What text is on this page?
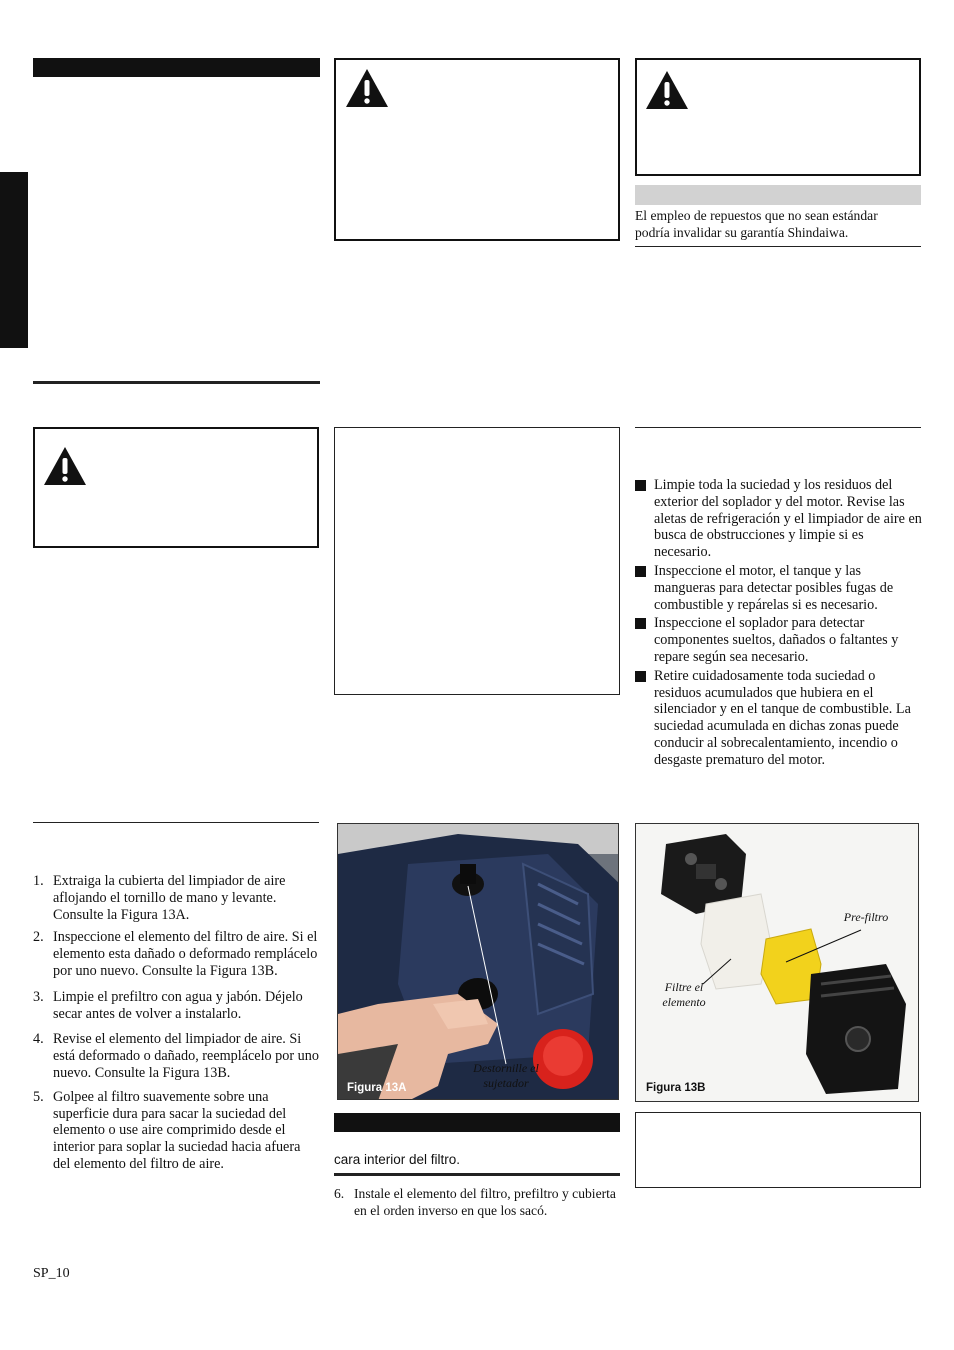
1. Extraiga la cubierta del limpiador de aire aflojando el tornillo de mano y levante. Consulte la Figura 13A.
2. Inspeccione el elemento del filtro de aire. Si el elemento esta dañado o deformado remplácelo por uno nuevo. Consulte la Figura 13B.
3. Limpie el prefiltro con agua y jabón. Déjelo secar antes de volver a instalarlo.
4. Revise el elemento del limpiador de aire. Si está deformado o dañado, reemplácelo por uno nuevo. Consulte la Figura 13B.
5. Golpee al filtro suavemente sobre una superficie dura para sacar la suciedad del elemento o use aire comprimido desde el interior para soplar la suciedad hacia afuera del elemento del filtro de aire.
SP_10
Figura 13A
Destornille el sujetador
cara interior del filtro.
6. Instale el elemento del filtro, prefiltro y cubierta en el orden inverso en que los sacó.
El empleo de repuestos que no sean estándar
podría invalidar su garantía Shindaiwa.
Limpie toda la suciedad y los residuos del exterior del soplador y del motor. Revise las aletas de refrigeración y el limpiador de aire en busca de obstrucciones y limpie si es necesario.
Inspeccione el motor, el tanque y las mangueras para detectar posibles fugas de combustible y repárelas si es necesario.
Inspeccione el soplador para detectar componentes sueltos, dañados o faltantes y repare según sea necesario.
Retire cuidadosamente toda suciedad o residuos acumulados que hubiera en el silenciador y en el tanque de combustible. La suciedad acumulada en dichas zonas puede conducir al sobrecalentamiento, incendio o desgaste prematuro del motor.
Figura 13B
Pre-filtro
Filtre el elemento
